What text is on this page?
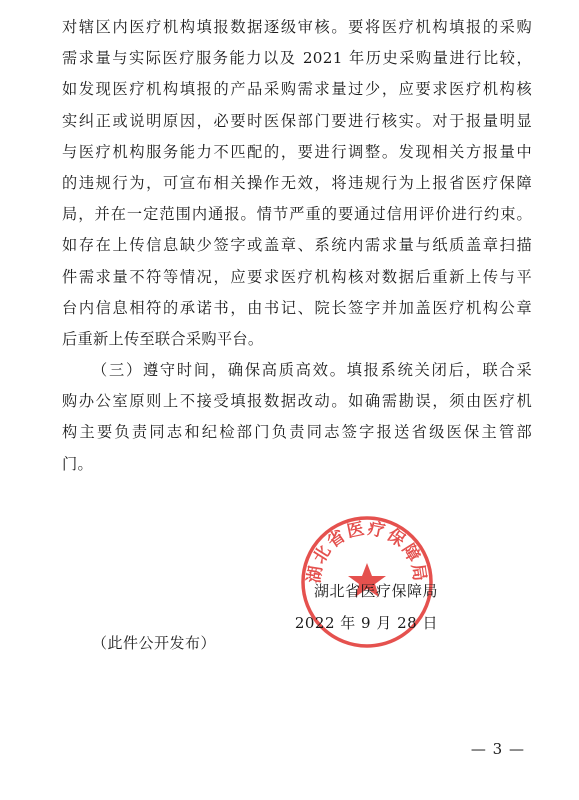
对辖区内医疗机构填报数据逐级审核。要将医疗机构填报的采购
需求量与实际医疗服务能力以及 2021 年历史采购量进行比较，
如发现医疗机构填报的产品采购需求量过少，应要求医疗机构核
实纠正或说明原因，必要时医保部门要进行核实。对于报量明显
与医疗机构服务能力不匹配的，要进行调整。发现相关方报量中
的违规行为，可宣布相关操作无效，将违规行为上报省医疗保障
局，并在一定范围内通报。情节严重的要通过信用评价进行约束。
如存在上传信息缺少签字或盖章、系统内需求量与纸质盖章扫描
件需求量不符等情况，应要求医疗机构核对数据后重新上传与平
台内信息相符的承诺书，由书记、院长签字并加盖医疗机构公章
后重新上传至联合采购平台。
（三）遵守时间，确保高质高效。填报系统关闭后，联合采
购办公室原则上不接受填报数据改动。如确需勘误，须由医疗机
构主要负责同志和纪检部门负责同志签字报送省级医保主管部
门。
湖北省医疗保障局
湖北省医疗保障局
2022 年 9 月 28 日
（此件公开发布）
— 3 —
